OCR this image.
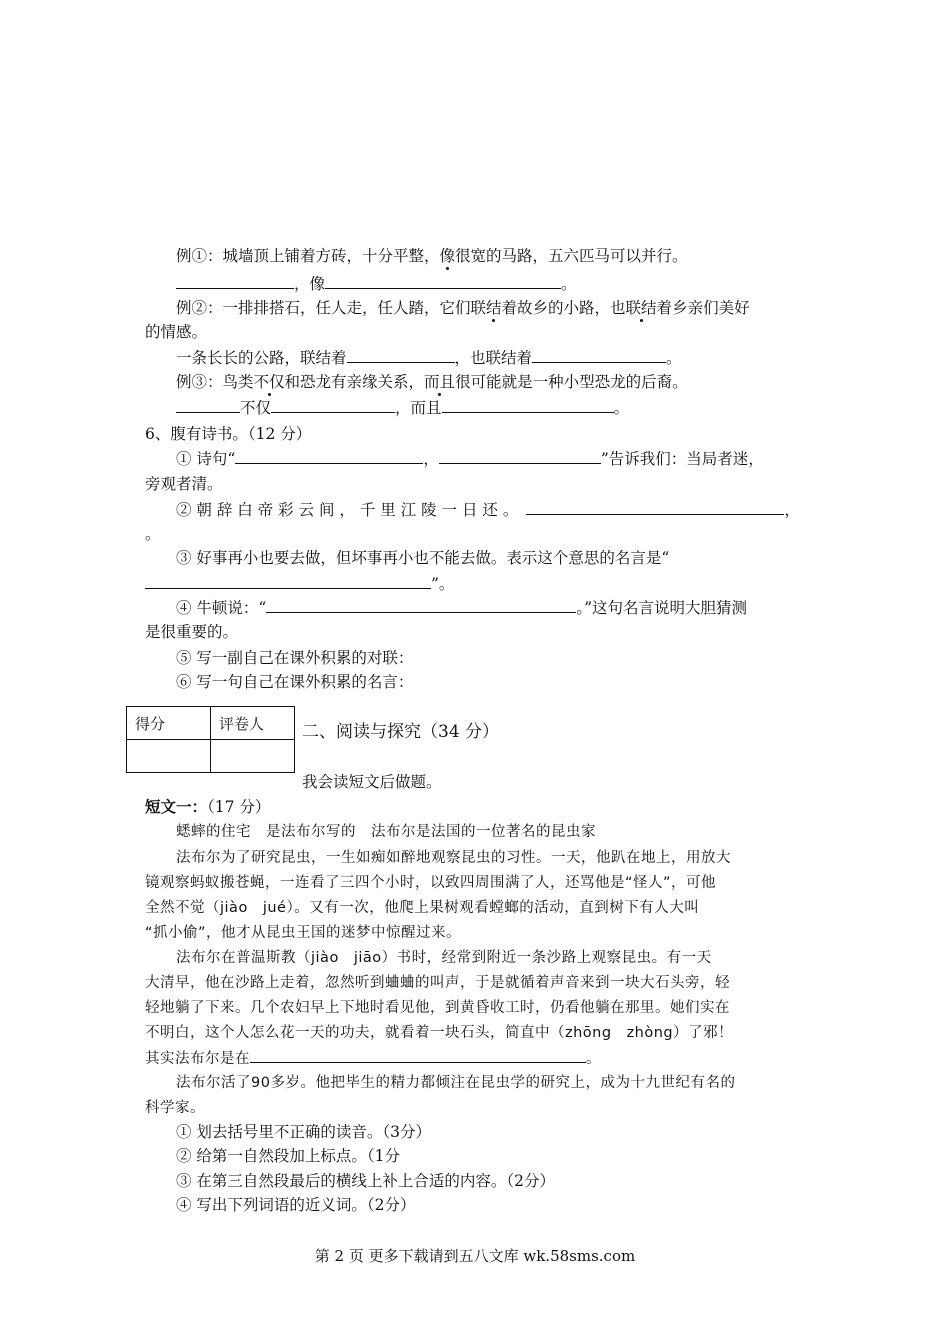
例①：城墙顶上铺着方砖，十分平整，像很宽的马路，五六匹马可以并行。
，像	。
例②：一排排搭石，任人走，任人踏，它们联结着故乡的小路，也联结着乡亲们美好
的情感。
一条长长的公路，联结着	，也联结着	。
例③：鸟类不仅和恐龙有亲缘关系，而且很可能就是一种小型恐龙的后裔。
不仅	，而且	。
6、腹有诗书。（12 分）
① 诗句“	，	”告诉我们：当局者迷，
旁观者清。
② 朝 辞 白 帝 彩 云 间 ， 千 里 江 陵 一 日 还 。	，
。
③ 好事再小也要去做，但坏事再小也不能去做。表示这个意思的名言是“
”。
④ 牛顿说：“	。”这句名言说明大胆猜测
是很重要的。
⑤ 写一副自己在课外积累的对联：
⑥ 写一句自己在课外积累的名言：
得分	评卷人
	二、阅读与探究（34 分）
我会读短文后做题。
短文一：（17 分）
蟋蟀的住宅　是法布尔写的　法布尔是法国的一位著名的昆虫家
法布尔为了研究昆虫，一生如痴如醉地观察昆虫的习性。一天，他趴在地上，用放大
镜观察蚂蚁搬苍蝇，一连看了三四个小时，以致四周围满了人，还骂他是“怪人”，可他
全然不觉（jiào　jué）。又有一次，他爬上果树观看螳螂的活动，直到树下有人大叫
“抓小偷”，他才从昆虫王国的迷梦中惊醒过来。
法布尔在普温斯教（jiào　jiāo）书时，经常到附近一条沙路上观察昆虫。有一天
大清早，他在沙路上走着，忽然听到蛐蛐的叫声，于是就循着声音来到一块大石头旁，轻
轻地躺了下来。几个农妇早上下地时看见他，到黄昏收工时，仍看他躺在那里。她们实在
不明白，这个人怎么花一天的功夫，就看着一块石头，简直中（zhōng　zhòng）了邪！
其实法布尔是在	。
法布尔活了90多岁。他把毕生的精力都倾注在昆虫学的研究上，成为十九世纪有名的
科学家。
① 划去括号里不正确的读音。（3分）
② 给第一自然段加上标点。（1分
③ 在第三自然段最后的横线上补上合适的内容。（2分）
④ 写出下列词语的近义词。（2分）
第 2 页 更多下载请到五八文库 wk.58sms.com
